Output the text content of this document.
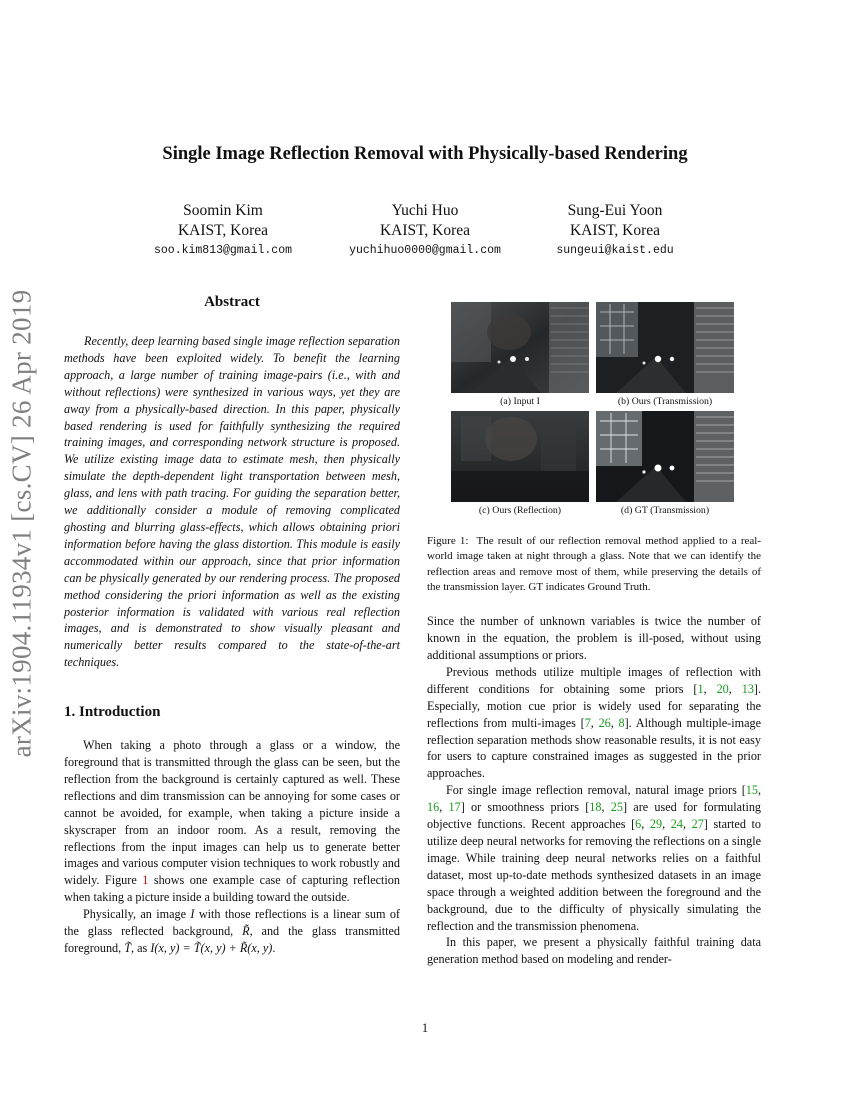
arXiv:1904.11934v1 [cs.CV] 26 Apr 2019
Single Image Reflection Removal with Physically-based Rendering
Soomin Kim
KAIST, Korea
soo.kim813@gmail.com
Yuchi Huo
KAIST, Korea
yuchihuo0000@gmail.com
Sung-Eui Yoon
KAIST, Korea
sungeui@kaist.edu
Abstract

Recently, deep learning based single image reflection separation methods have been exploited widely. To benefit the learning approach, a large number of training image-pairs (i.e., with and without reflections) were synthesized in various ways, yet they are away from a physically-based direction. In this paper, physically based rendering is used for faithfully synthesizing the required training images, and corresponding network structure is proposed. We utilize existing image data to estimate mesh, then physically simulate the depth-dependent light transportation between mesh, glass, and lens with path tracing. For guiding the separation better, we additionally consider a module of removing complicated ghosting and blurring glass-effects, which allows obtaining priori information before having the glass distortion. This module is easily accommodated within our approach, since that prior information can be physically generated by our rendering process. The proposed method considering the priori information as well as the existing posterior information is validated with various real reflection images, and is demonstrated to show visually pleasant and numerically better results compared to the state-of-the-art techniques.

1. Introduction

When taking a photo through a glass or a window, the foreground that is transmitted through the glass can be seen, but the reflection from the background is certainly captured as well. These reflections and dim transmission can be annoying for some cases or cannot be avoided, for example, when taking a picture inside a skyscraper from an indoor room. As a result, removing the reflections from the input images can help us to generate better images and various computer vision techniques to work robustly and widely. Figure 1 shows one example case of capturing reflection when taking a picture inside a building toward the outside.

Physically, an image I with those reflections is a linear sum of the glass reflected background, R̃, and the glass transmitted foreground, T̃, as I(x, y) = T̃(x, y) + R̃(x, y).

(a) Input I	(b) Ours (Transmission)
(c) Ours (Reflection)	(d) GT (Transmission)
Figure 1: The result of our reflection removal method applied to a real-world image taken at night through a glass. Note that we can identify the reflection areas and remove most of them, while preserving the details of the transmission layer. GT indicates Ground Truth.

Since the number of unknown variables is twice the number of known in the equation, the problem is ill-posed, without using additional assumptions or priors.

Previous methods utilize multiple images of reflection with different conditions for obtaining some priors [1, 20, 13]. Especially, motion cue prior is widely used for separating the reflections from multi-images [7, 26, 8]. Although multiple-image reflection separation methods show reasonable results, it is not easy for users to capture constrained images as suggested in the prior approaches.

For single image reflection removal, natural image priors [15, 16, 17] or smoothness priors [18, 25] are used for formulating objective functions. Recent approaches [6, 29, 24, 27] started to utilize deep neural networks for removing the reflections on a single image. While training deep neural networks relies on a faithful dataset, most up-to-date methods synthesized datasets in an image space through a weighted addition between the foreground and the background, due to the difficulty of physically simulating the reflection and the transmission phenomena.

In this paper, we present a physically faithful training data generation method based on modeling and render-

1
